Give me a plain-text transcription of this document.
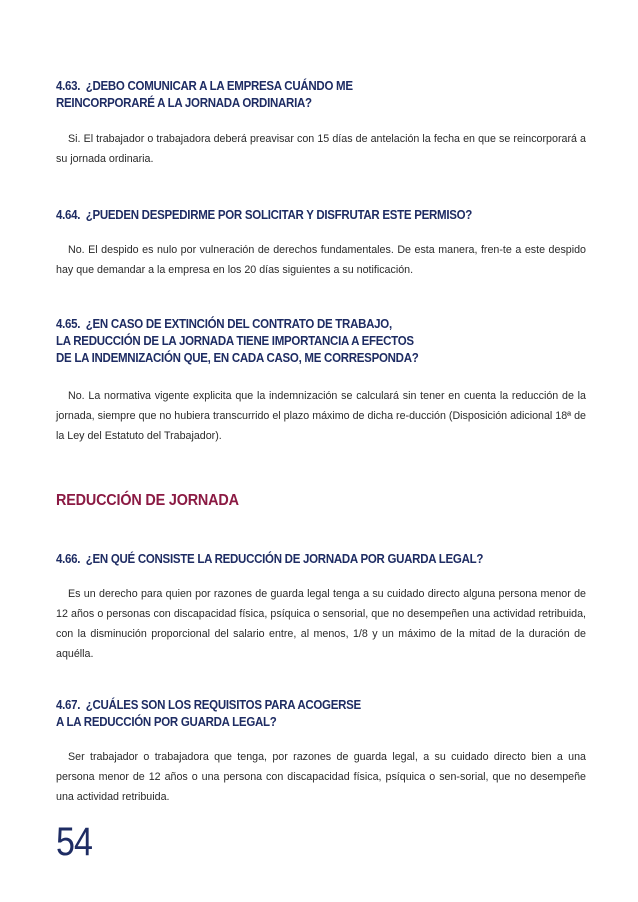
4.63. ¿DEBO COMUNICAR A LA EMPRESA CUÁNDO ME
REINCORPORARÉ A LA JORNADA ORDINARIA?

Si. El trabajador o trabajadora deberá preavisar con 15 días de antelación la fecha en que se reincorporará a su jornada ordinaria.

4.64. ¿PUEDEN DESPEDIRME POR SOLICITAR Y DISFRUTAR ESTE PERMISO?

No. El despido es nulo por vulneración de derechos fundamentales. De esta manera, fren-te a este despido hay que demandar a la empresa en los 20 días siguientes a su notificación.

4.65. ¿EN CASO DE EXTINCIÓN DEL CONTRATO DE TRABAJO,
LA REDUCCIÓN DE LA JORNADA TIENE IMPORTANCIA A EFECTOS
DE LA INDEMNIZACIÓN QUE, EN CADA CASO, ME CORRESPONDA?

No. La normativa vigente explicita que la indemnización se calculará sin tener en cuenta la reducción de la jornada, siempre que no hubiera transcurrido el plazo máximo de dicha re-ducción (Disposición adicional 18ª de la Ley del Estatuto del Trabajador).

REDUCCIÓN DE JORNADA
4.66. ¿EN QUÉ CONSISTE LA REDUCCIÓN DE JORNADA POR GUARDA LEGAL?

Es un derecho para quien por razones de guarda legal tenga a su cuidado directo alguna persona menor de 12 años o personas con discapacidad física, psíquica o sensorial, que no desempeñen una actividad retribuida, con la disminución proporcional del salario entre, al menos, 1/8 y un máximo de la mitad de la duración de aquélla.

4.67. ¿CUÁLES SON LOS REQUISITOS PARA ACOGERSE
A LA REDUCCIÓN POR GUARDA LEGAL?

Ser trabajador o trabajadora que tenga, por razones de guarda legal, a su cuidado directo bien a una persona menor de 12 años o una persona con discapacidad física, psíquica o sen-sorial, que no desempeñe una actividad retribuida.

54
